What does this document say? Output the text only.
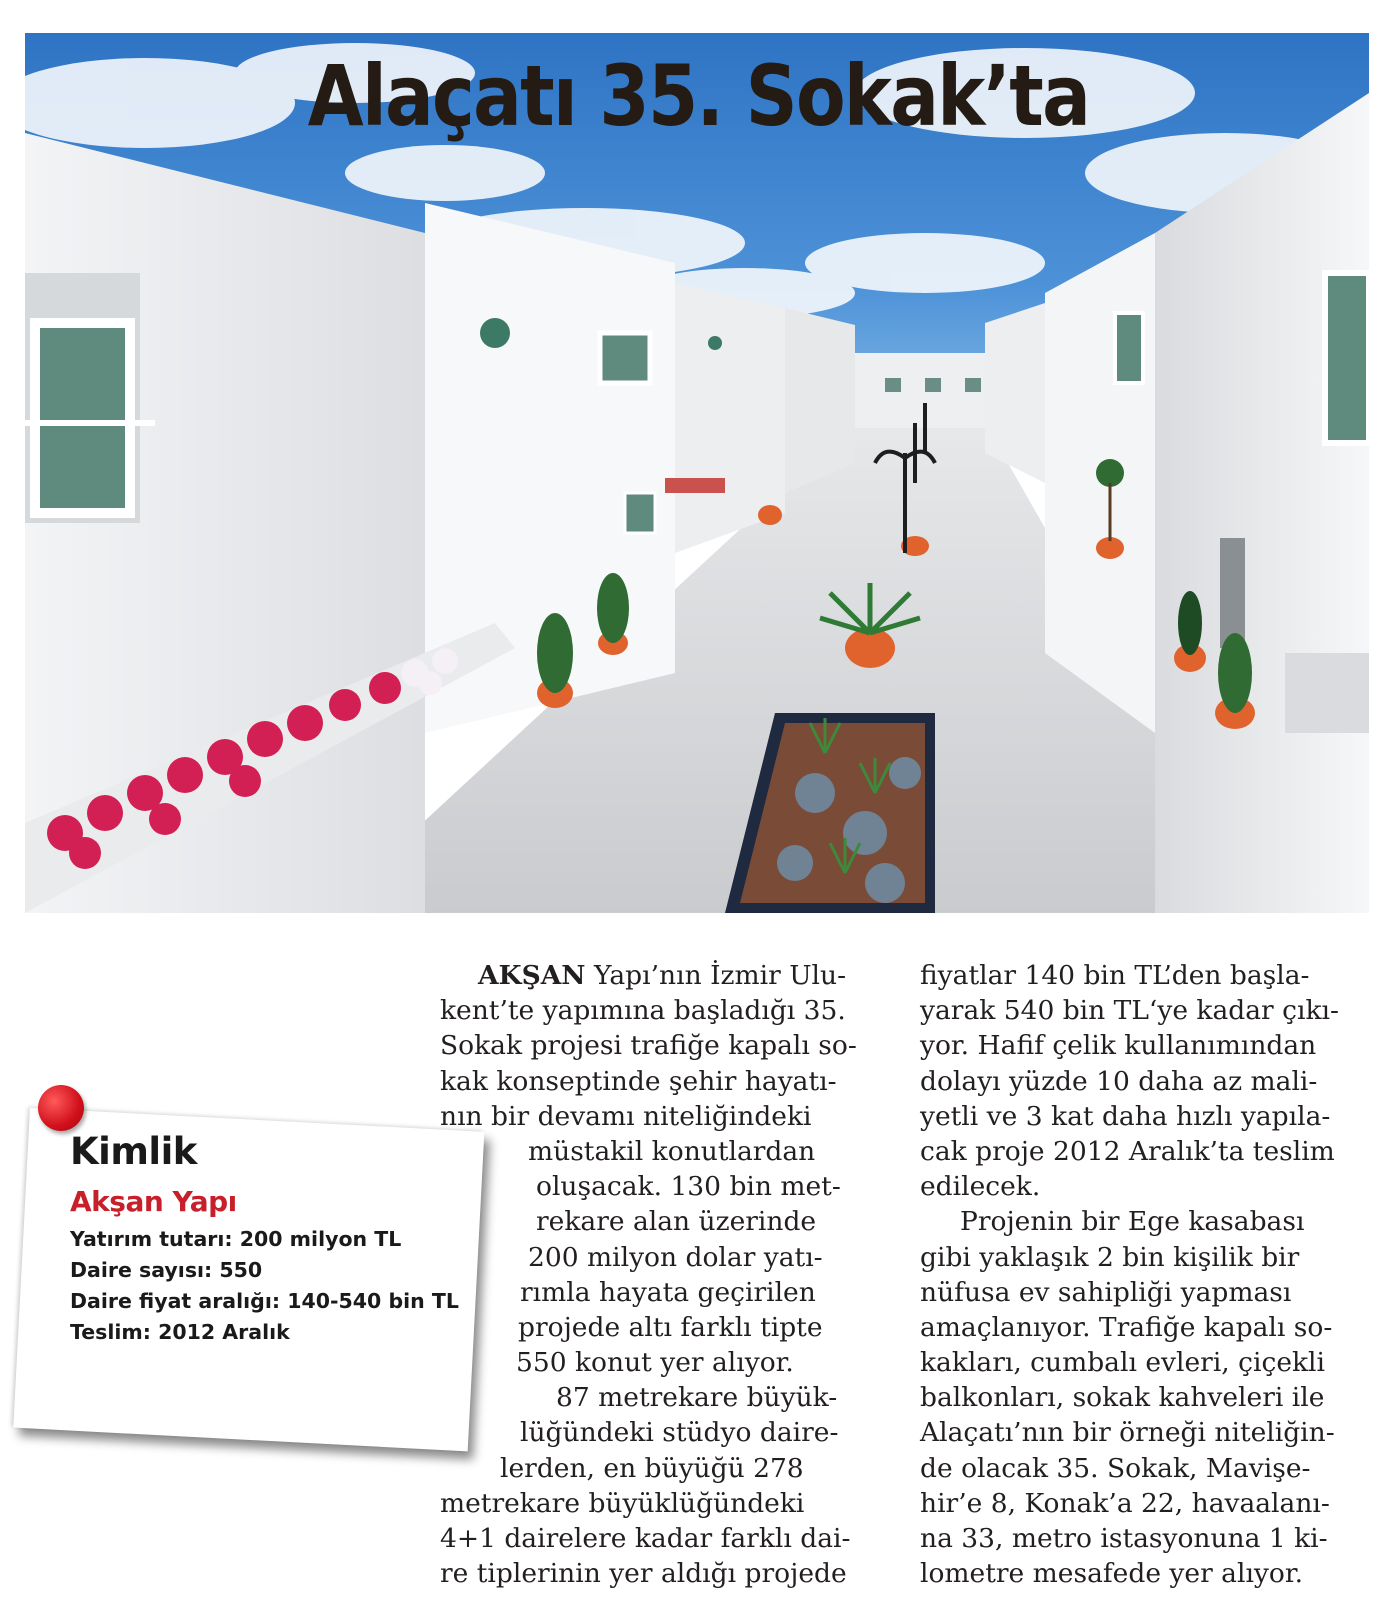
Alaçatı 35. Sokak’ta
Kimlik
Akşan Yapı
Yatırım tutarı: 200 milyon TL
Daire sayısı: 550
Daire fiyat aralığı: 140-540 bin TL
Teslim: 2012 Aralık
AKŞAN Yapı’nın İzmir Ulu-
kent’te yapımına başladığı 35.
Sokak projesi trafiğe kapalı so-
kak konseptinde şehir hayatı-
nın bir devamı niteliğindeki
müstakil konutlardan
oluşacak. 130 bin met-
rekare alan üzerinde
200 milyon dolar yatı-
rımla hayata geçirilen
projede altı farklı tipte
550 konut yer alıyor.
87 metrekare büyük-
lüğündeki stüdyo daire-
lerden, en büyüğü 278
metrekare büyüklüğündeki
4+1 dairelere kadar farklı dai-
re tiplerinin yer aldığı projede
fiyatlar 140 bin TL’den başla-
yarak 540 bin TL‘ye kadar çıkı-
yor. Hafif çelik kullanımından
dolayı yüzde 10 daha az mali-
yetli ve 3 kat daha hızlı yapıla-
cak proje 2012 Aralık’ta teslim
edilecek.
Projenin bir Ege kasabası
gibi yaklaşık 2 bin kişilik bir
nüfusa ev sahipliği yapması
amaçlanıyor. Trafiğe kapalı so-
kakları, cumbalı evleri, çiçekli
balkonları, sokak kahveleri ile
Alaçatı’nın bir örneği niteliğin-
de olacak 35. Sokak, Mavişe-
hir’e 8, Konak’a 22, havaalanı-
na 33, metro istasyonuna 1 ki-
lometre mesafede yer alıyor.
